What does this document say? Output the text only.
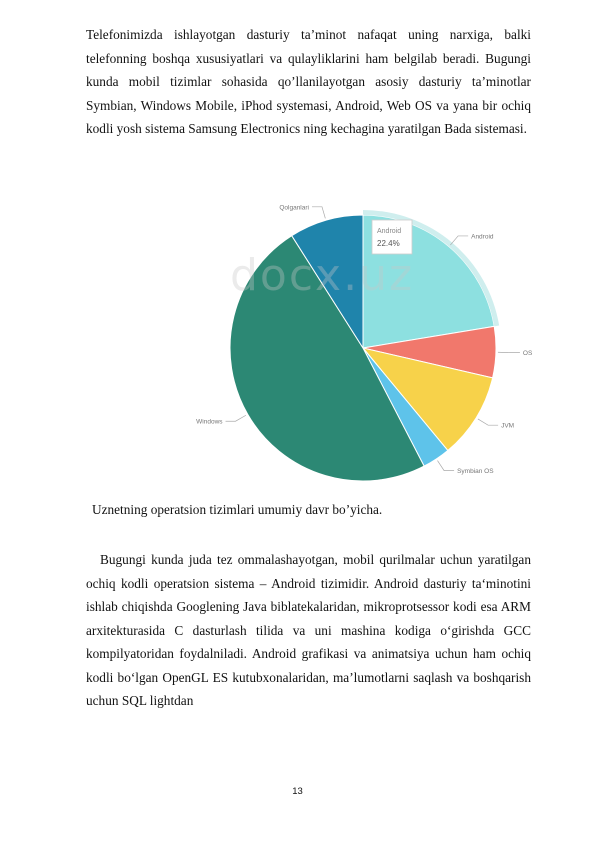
Telefonimizda ishlayotgan dasturiy ta’minot nafaqat uning narxiga, balki telefonning boshqa xususiyatlari va qulayliklarini ham belgilab beradi. Bugungi kunda mobil tizimlar sohasida qo’llanilayotgan asosiy dasturiy ta’minotlar Symbian, Windows Mobile, iPhod systemasi, Android, Web OS va yana bir ochiq kodli yosh sistema Samsung Electronics ning kechagina yaratilgan Bada sistemasi.

Android
OS
JVM
Symbian OS
Windows
Qolganlari
Android
22.4%
docx.uz
Uznetning operatsion tizimlari umumiy davr bo’yicha.

Bugungi kunda juda tez ommalashayotgan, mobil qurilmalar uchun yaratilgan ochiq kodli operatsion sistema – Android tizimidir. Android dasturiy ta‘minotini ishlab chiqishda Googlening Java biblatekalaridan, mikroprotsessor kodi esa ARM arxitekturasida C dasturlash tilida va uni mashina kodiga o‘girishda GCC kompilyatoridan foydalniladi. Android grafikasi va animatsiya uchun ham ochiq kodli bo‘lgan OpenGL ES kutubxonalaridan, ma’lumotlarni saqlash va boshqarish uchun SQL lightdan

13
